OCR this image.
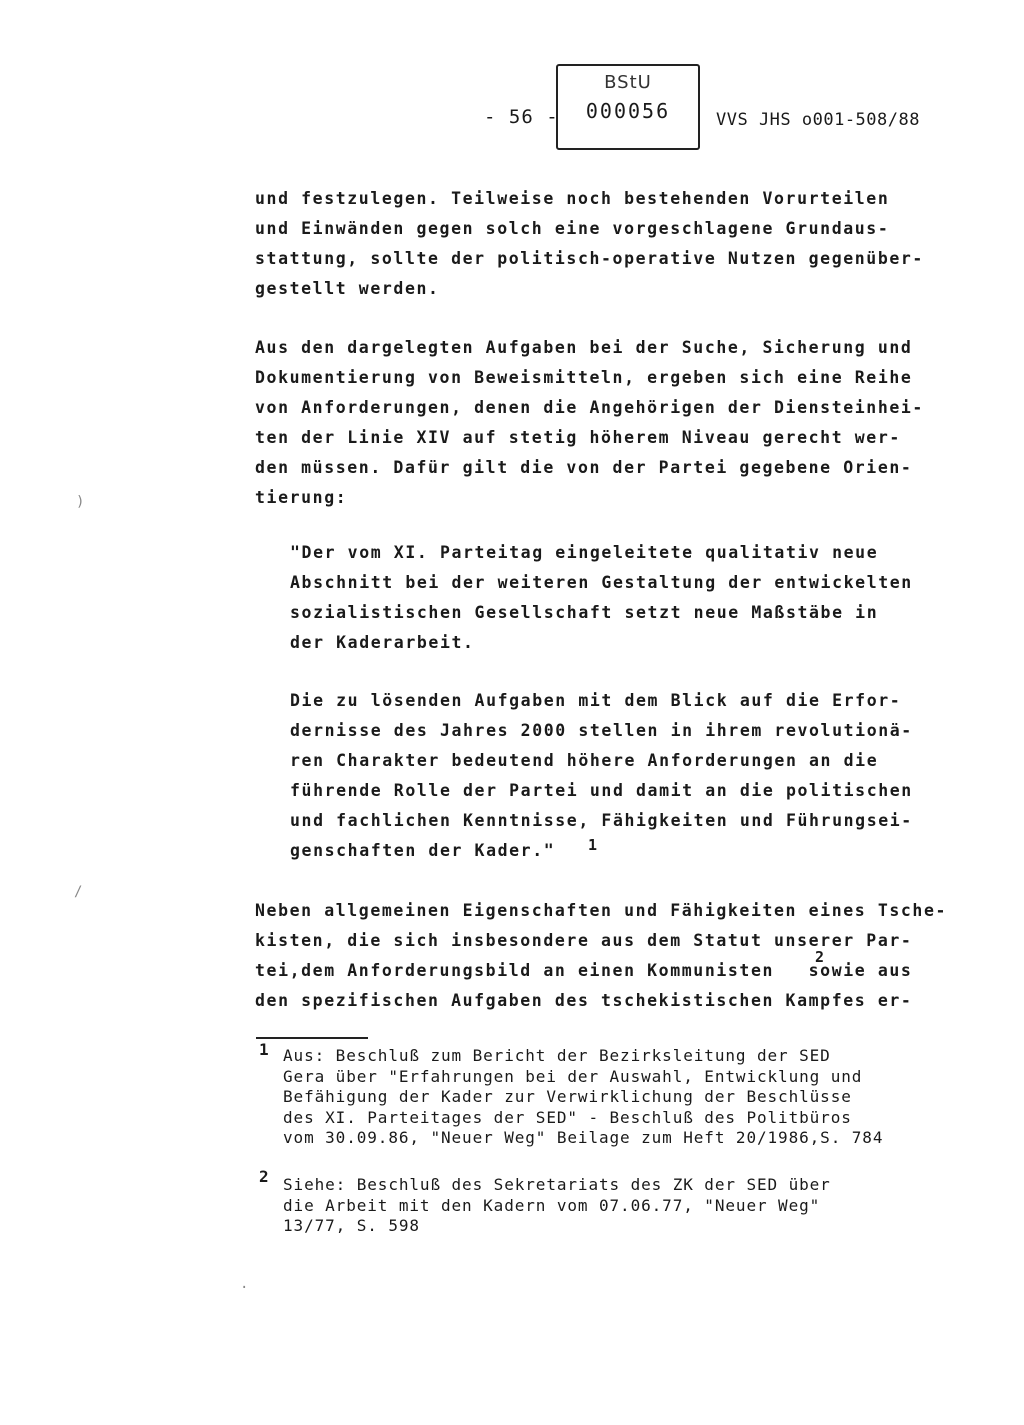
- 56 -
BStU
000056	VVS JHS o001-508/88
und festzulegen. Teilweise noch bestehenden Vorurteilen
und Einwänden gegen solch eine vorgeschlagene Grundaus-
stattung, sollte der politisch-operative Nutzen gegenüber-
gestellt werden.
Aus den dargelegten Aufgaben bei der Suche, Sicherung und
Dokumentierung von Beweismitteln, ergeben sich eine Reihe
von Anforderungen, denen die Angehörigen der Diensteinhei-
ten der Linie XIV auf stetig höherem Niveau gerecht wer-
den müssen. Dafür gilt die von der Partei gegebene Orien-
tierung:
"Der vom XI. Parteitag eingeleitete qualitativ neue
Abschnitt bei der weiteren Gestaltung der entwickelten
sozialistischen Gesellschaft setzt neue Maßstäbe in
der Kaderarbeit.
Die zu lösenden Aufgaben mit dem Blick auf die Erfor-
dernisse des Jahres 2000 stellen in ihrem revolutionä-
ren Charakter bedeutend höhere Anforderungen an die
führende Rolle der Partei und damit an die politischen
und fachlichen Kenntnisse, Fähigkeiten und Führungsei-
genschaften der Kader."	1
Neben allgemeinen Eigenschaften und Fähigkeiten eines Tsche-
kisten, die sich insbesondere aus dem Statut unserer Par-
tei,dem Anforderungsbild an einen Kommunisten   sowie aus
den spezifischen Aufgaben des tschekistischen Kampfes er-
2
1 Aus: Beschluß zum Bericht der Bezirksleitung der SED
Gera über "Erfahrungen bei der Auswahl, Entwicklung und
Befähigung der Kader zur Verwirklichung der Beschlüsse
des XI. Parteitages der SED" - Beschluß des Politbüros
vom 30.09.86, "Neuer Weg" Beilage zum Heft 20/1986,S. 784
2 Siehe: Beschluß des Sekretariats des ZK der SED über
die Arbeit mit den Kadern vom 07.06.77, "Neuer Weg"
13/77, S. 598
)
/
.
